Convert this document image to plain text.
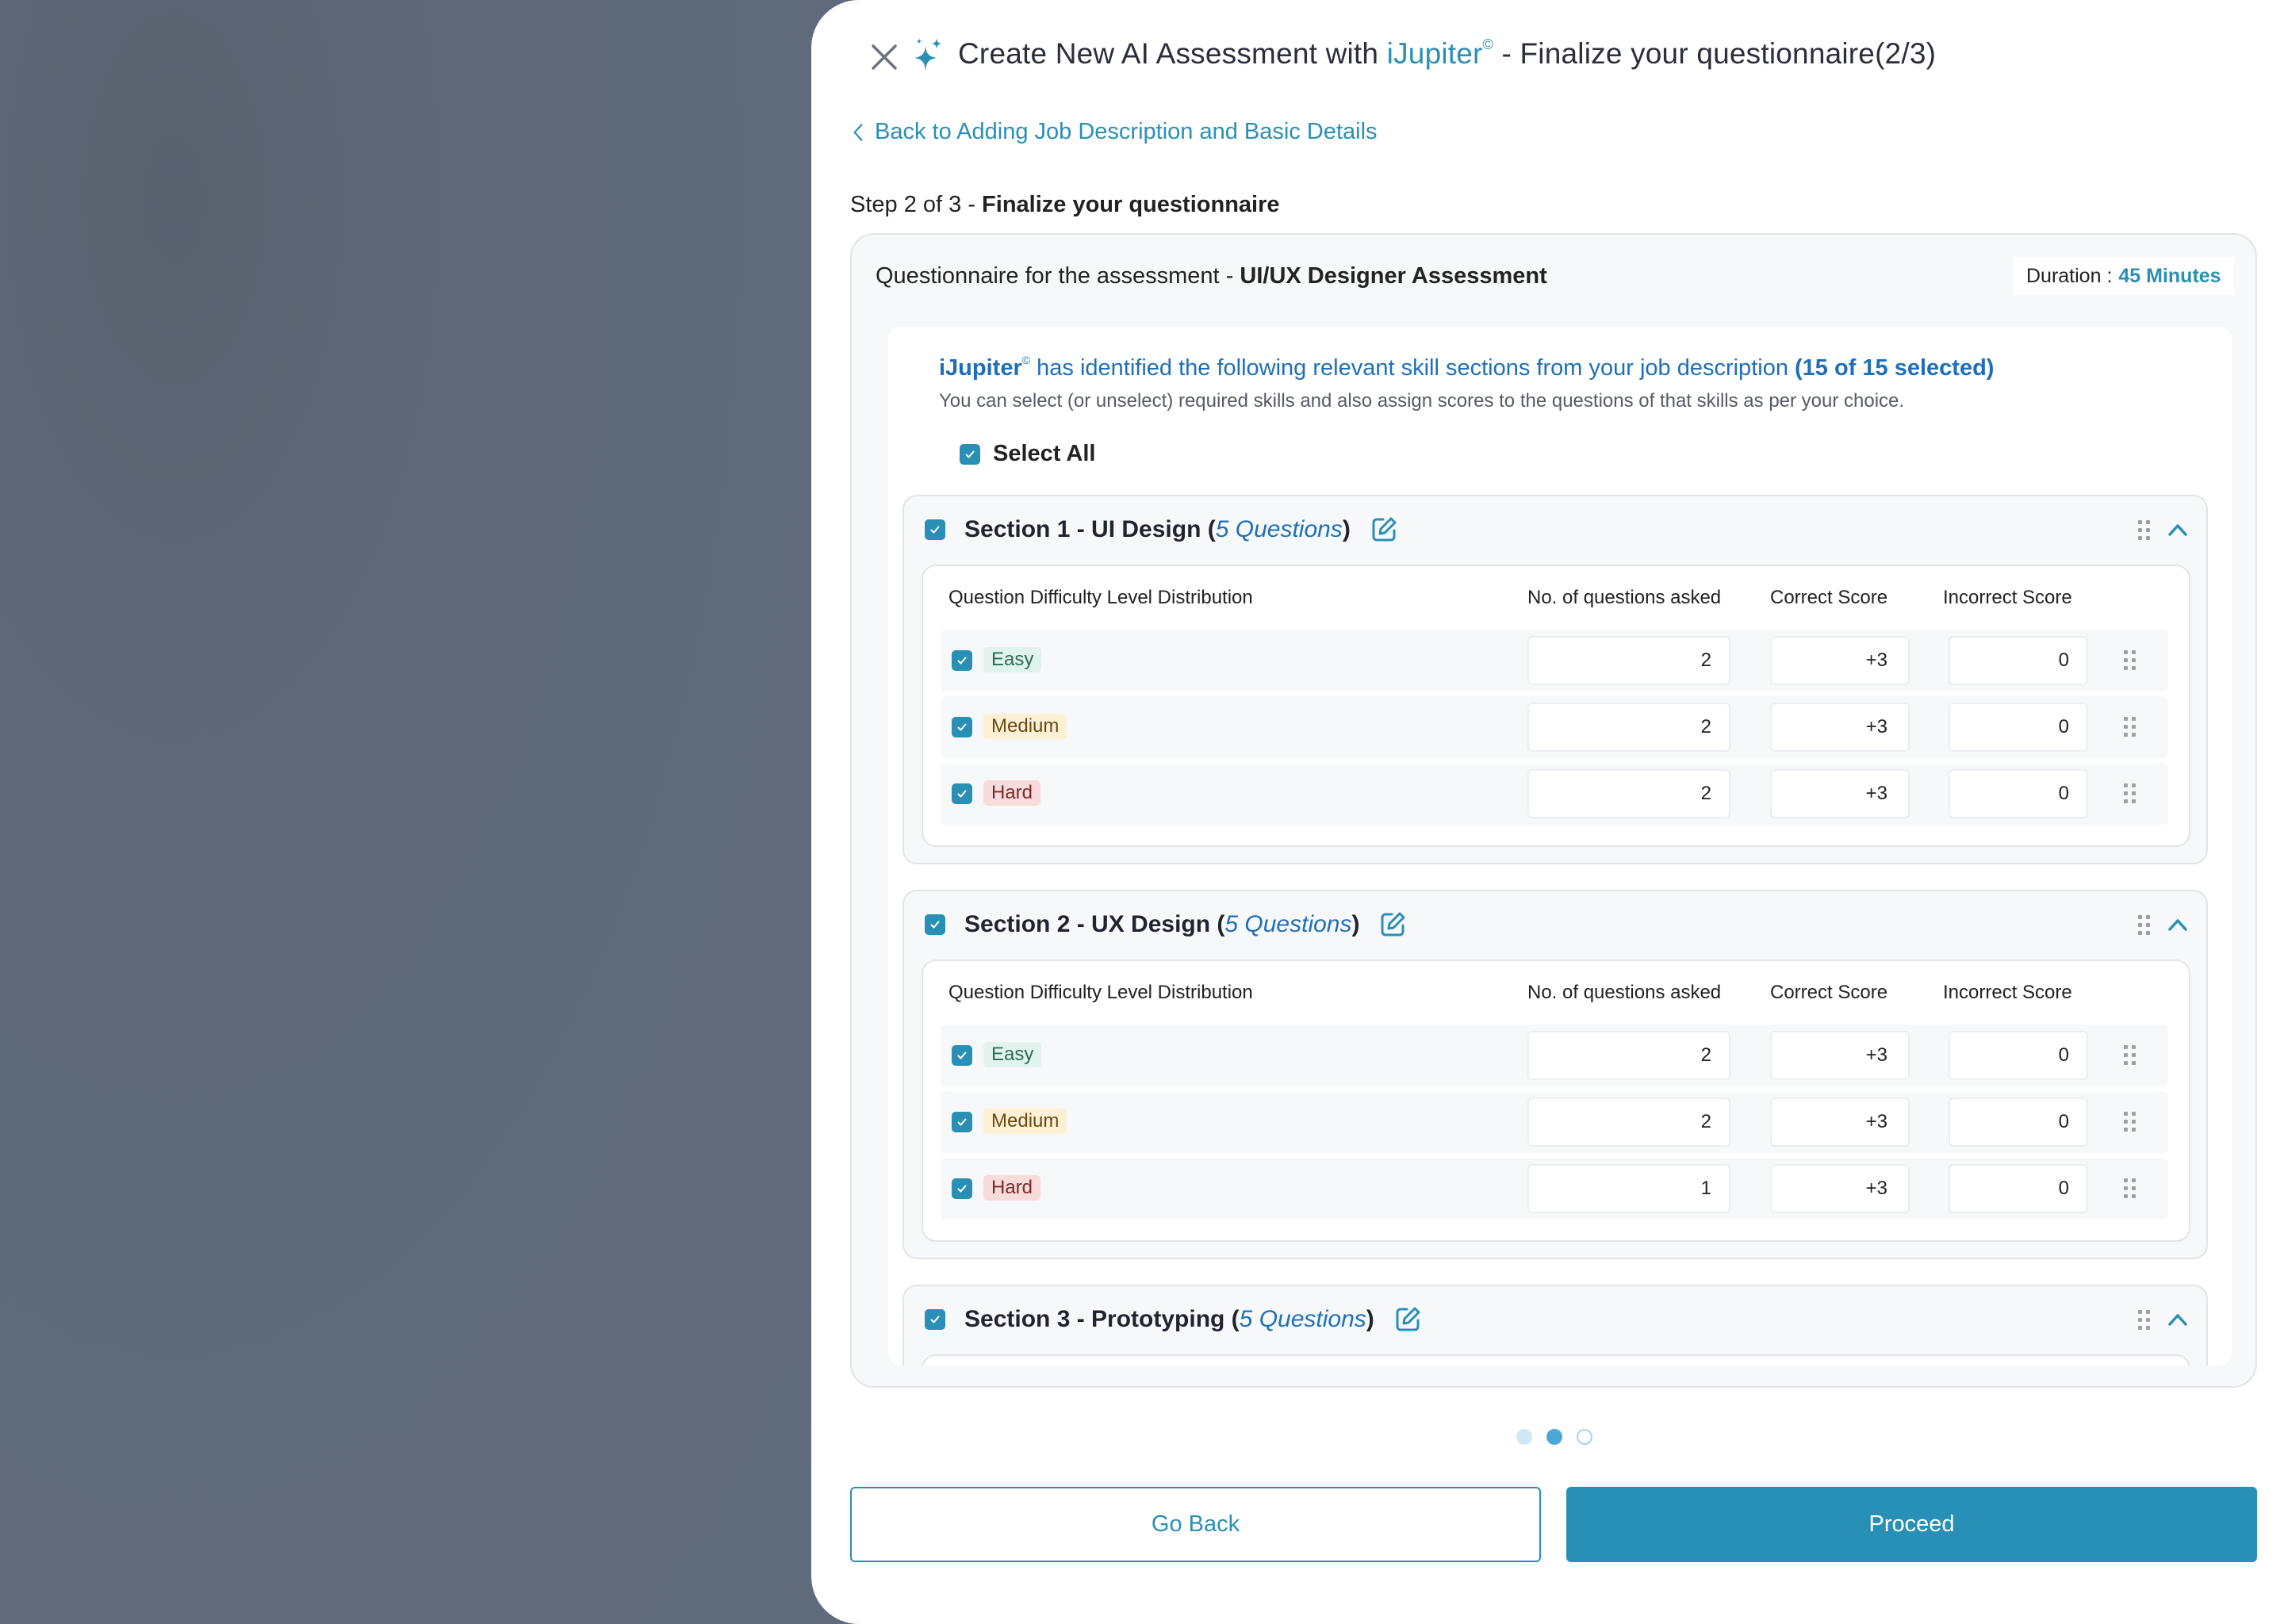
Create New AI Assessment with iJupiter© - Finalize your questionnaire(2/3)
Back to Adding Job Description and Basic Details
Step 2 of 3 - Finalize your questionnaire
Questionnaire for the assessment - UI/UX Designer Assessment	Duration : 45 Minutes
iJupiter© has identified the following relevant skill sections from your job description (15 of 15 selected)
You can select (or unselect) required skills and also assign scores to the questions of that skills as per your choice.
Select All
Section 1 - UI Design (5 Questions)
Question Difficulty Level Distribution	No. of questions asked	Correct Score	Incorrect Score
Easy	2	+3	0
Medium	2	+3	0
Hard	2	+3	0
Section 2 - UX Design (5 Questions)
Question Difficulty Level Distribution	No. of questions asked	Correct Score	Incorrect Score
Easy	2	+3	0
Medium	2	+3	0
Hard	1	+3	0
Section 3 - Prototyping (5 Questions)
Go Back	Proceed
